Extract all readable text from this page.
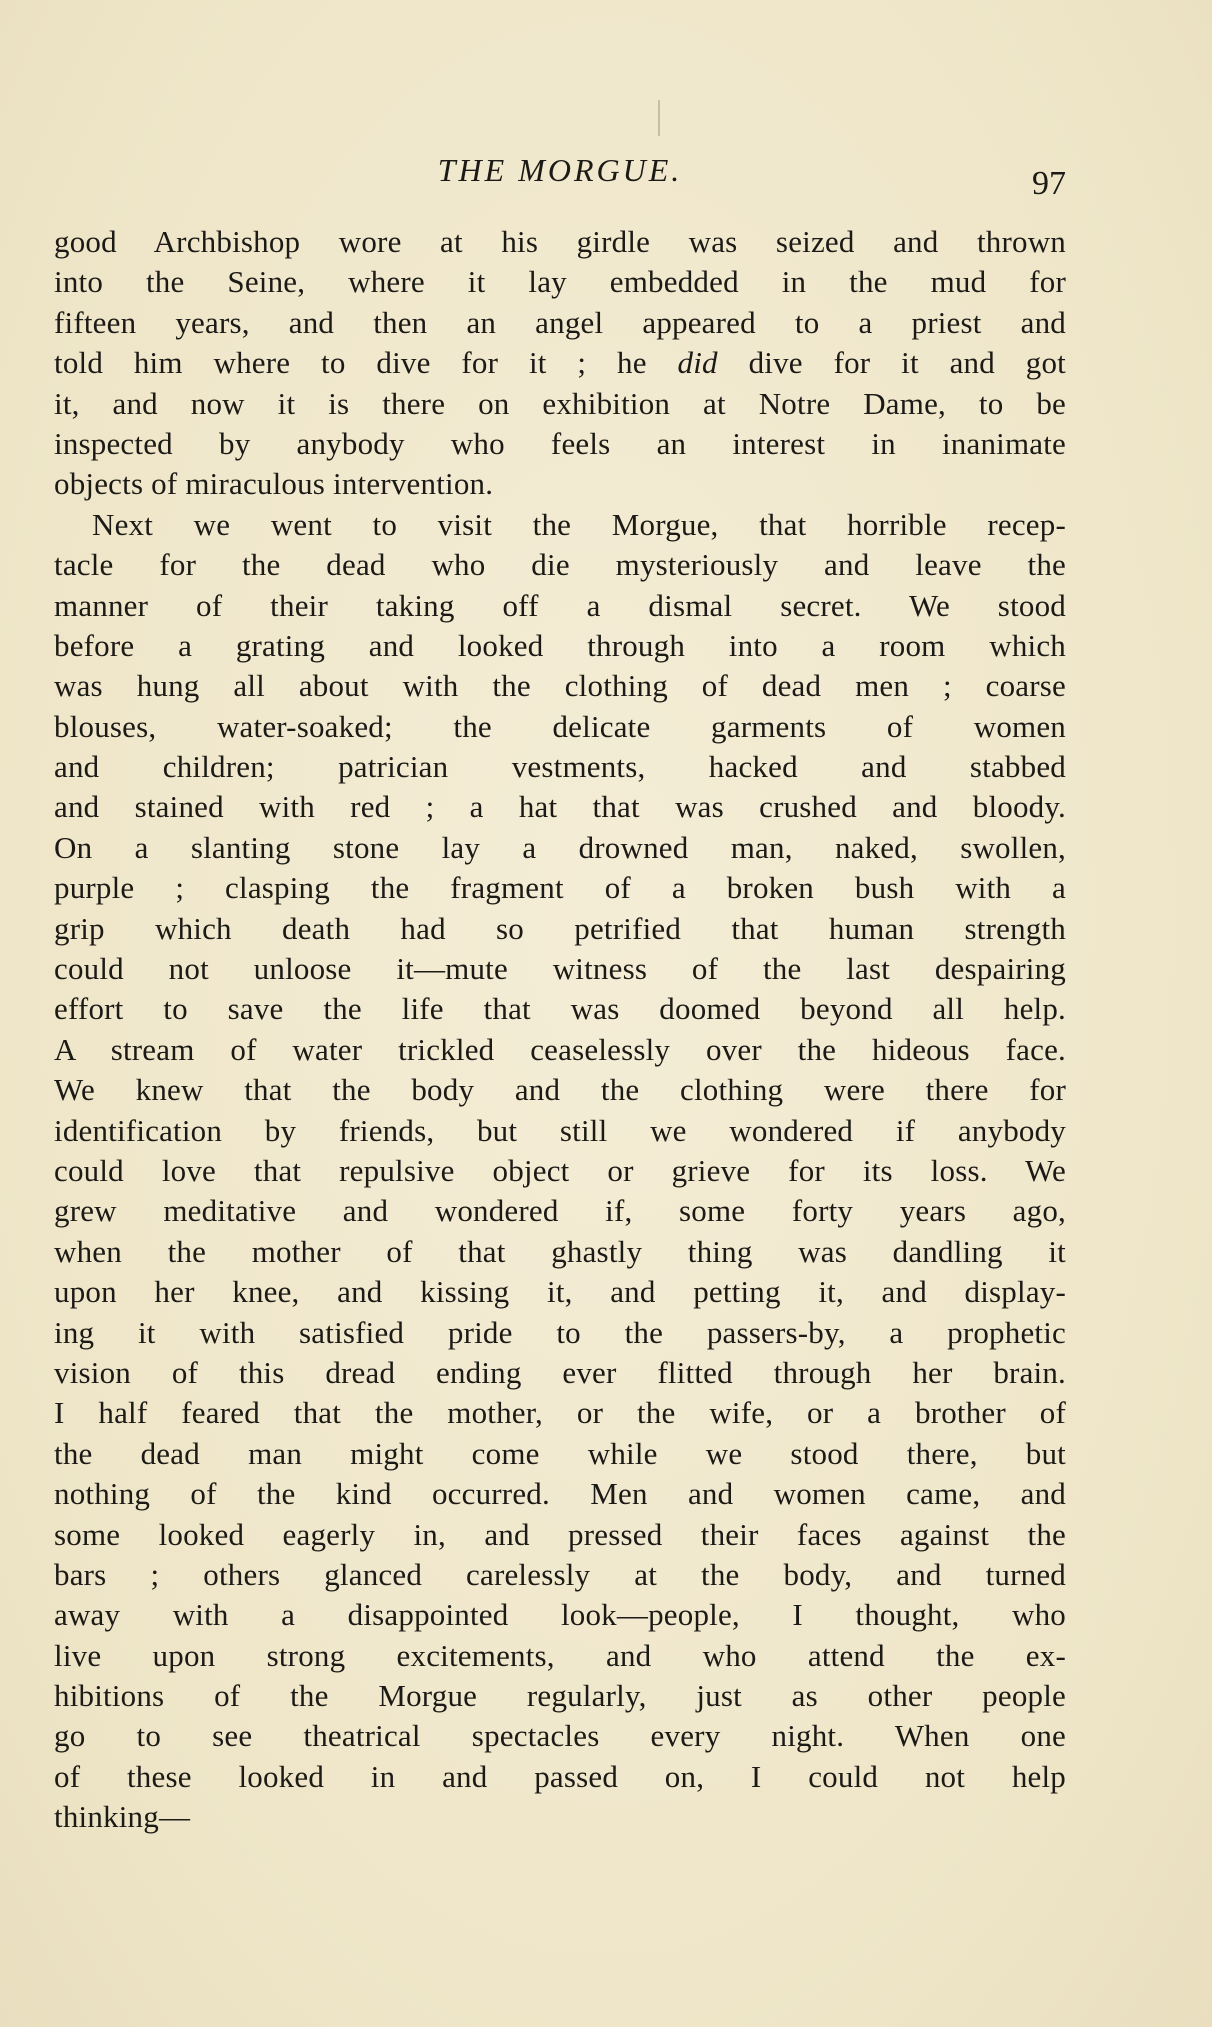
THE MORGUE.	97
good Archbishop wore at his girdle was seized and thrown
into the Seine, where it lay embedded in the mud for
fifteen years, and then an angel appeared to a priest and
told him where to dive for it ; he did dive for it and got
it, and now it is there on exhibition at Notre Dame, to be
inspected by anybody who feels an interest in inanimate
objects of miraculous intervention.
Next we went to visit the Morgue, that horrible recep-
tacle for the dead who die mysteriously and leave the
manner of their taking off a dismal secret. We stood
before a grating and looked through into a room which
was hung all about with the clothing of dead men ; coarse
blouses, water-soaked; the delicate garments of women
and children; patrician vestments, hacked and stabbed
and stained with red ; a hat that was crushed and bloody.
On a slanting stone lay a drowned man, naked, swollen,
purple ; clasping the fragment of a broken bush with a
grip which death had so petrified that human strength
could not unloose it—mute witness of the last despairing
effort to save the life that was doomed beyond all help.
A stream of water trickled ceaselessly over the hideous face.
We knew that the body and the clothing were there for
identification by friends, but still we wondered if anybody
could love that repulsive object or grieve for its loss. We
grew meditative and wondered if, some forty years ago,
when the mother of that ghastly thing was dandling it
upon her knee, and kissing it, and petting it, and display-
ing it with satisfied pride to the passers-by, a prophetic
vision of this dread ending ever flitted through her brain.
I half feared that the mother, or the wife, or a brother of
the dead man might come while we stood there, but
nothing of the kind occurred. Men and women came, and
some looked eagerly in, and pressed their faces against the
bars ; others glanced carelessly at the body, and turned
away with a disappointed look—people, I thought, who
live upon strong excitements, and who attend the ex-
hibitions of the Morgue regularly, just as other people
go to see theatrical spectacles every night. When one
of these looked in and passed on, I could not help
thinking—
